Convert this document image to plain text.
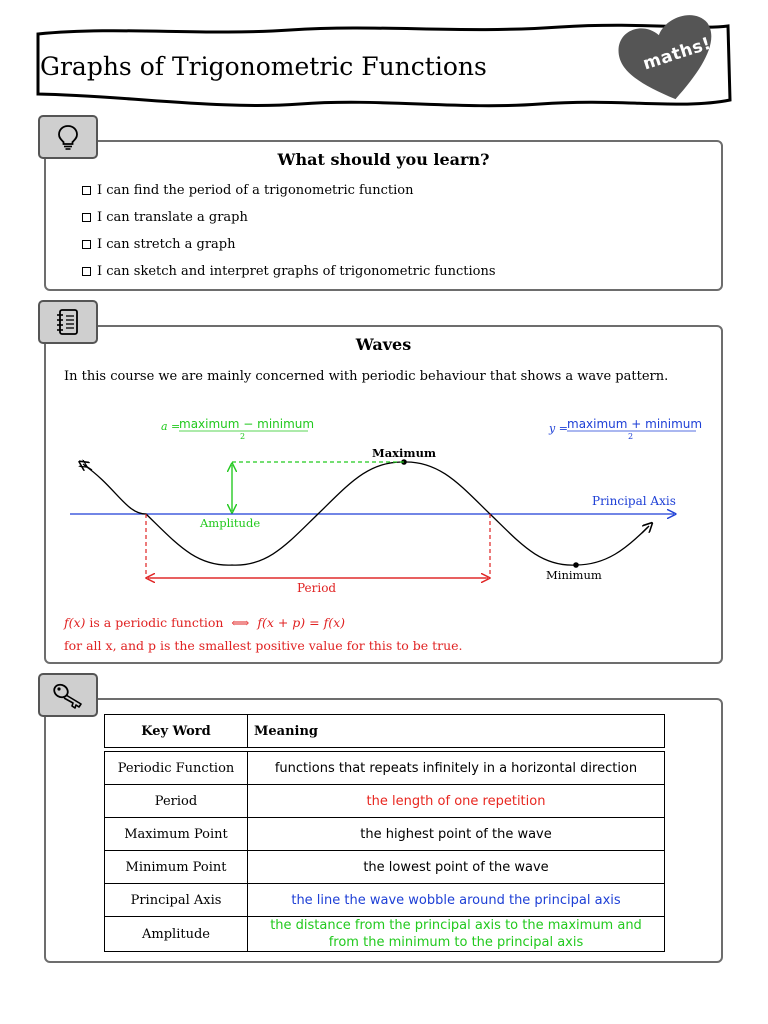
Graphs of Trigonometric Functions	maths!
What should you learn?
I can find the period of a trigonometric function
I can translate a graph
I can stretch a graph
I can sketch and interpret graphs of trigonometric functions
Waves
In this course we are mainly concerned with periodic behaviour that shows a wave pattern.
a =
maximum − minimum
2
y = maximum + minimum
2
Maximum
Minimum
Principal Axis
Amplitude
Period
f(x) is a periodic function ⟺ f(x + p) = f(x)
for all x, and p is the smallest positive value for this to be true.
Key Word	Meaning

Periodic Function	functions that repeats infinitely in a horizontal direction
Period	the length of one repetition
Maximum Point	the highest point of the wave
Minimum Point	the lowest point of the wave
Principal Axis	the line the wave wobble around the principal axis
Amplitude	the distance from the principal axis to the maximum and from the minimum to the principal axis
